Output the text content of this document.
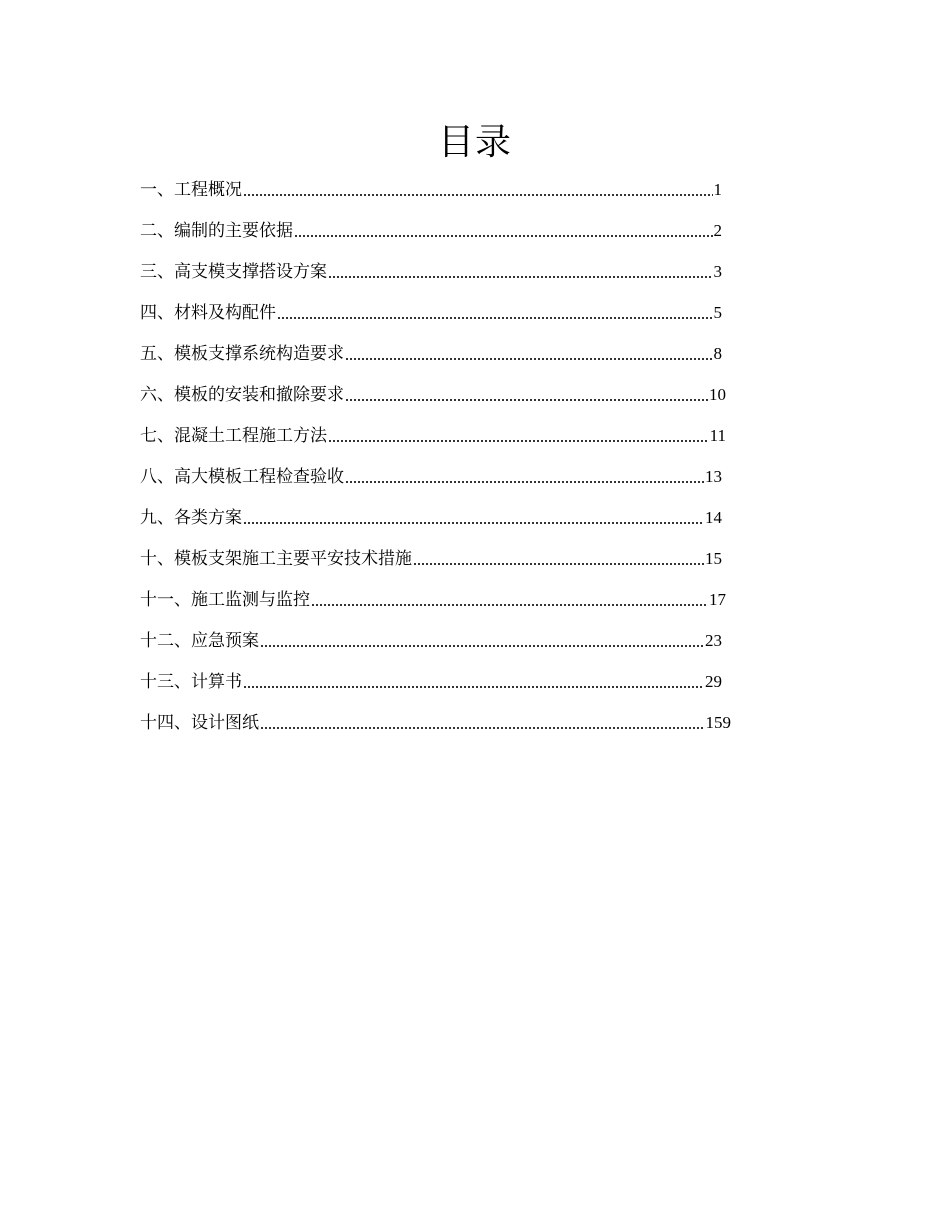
目录
一、工程概况	1
二、编制的主要依据	2
三、高支模支撑搭设方案	3
四、材料及构配件	5
五、模板支撑系统构造要求	8
六、模板的安装和撤除要求	10
七、混凝土工程施工方法	11
八、高大模板工程检查验收	13
九、各类方案	14
十、模板支架施工主要平安技术措施	15
十一、施工监测与监控	17
十二、应急预案	23
十三、计算书	29
十四、设计图纸	159
